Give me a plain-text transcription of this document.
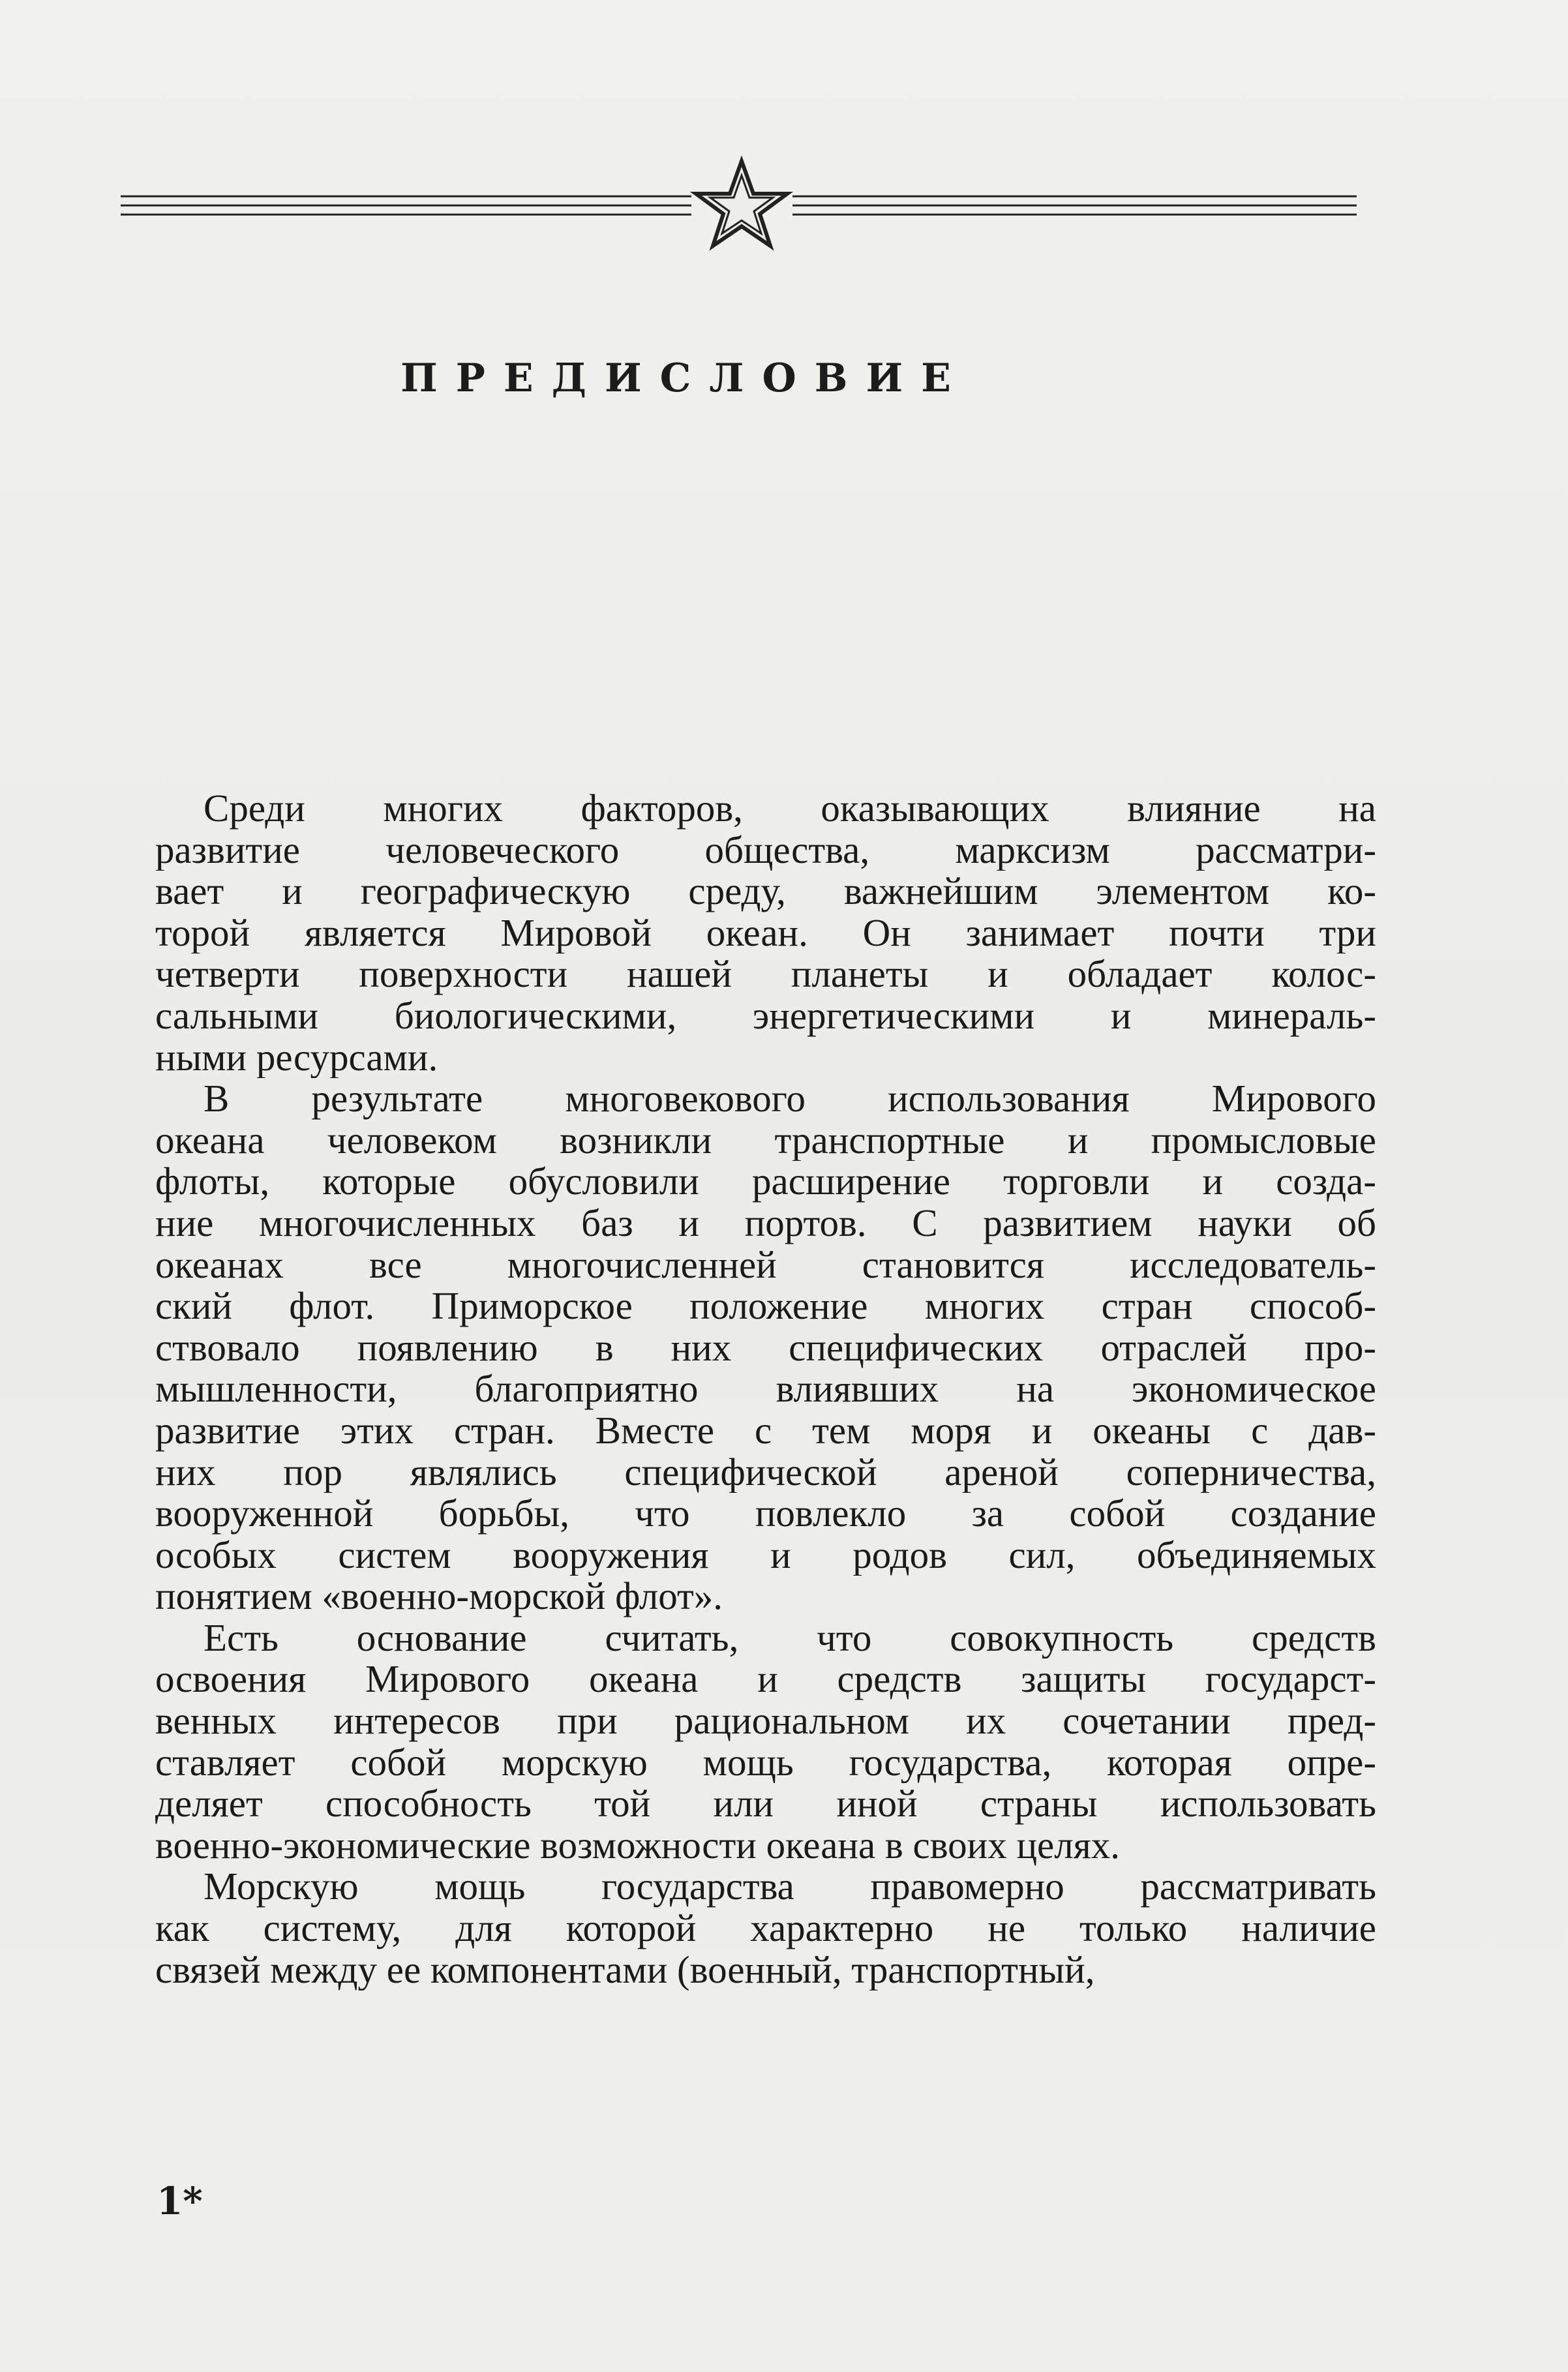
ПРЕДИСЛОВИЕ
Среди многих факторов, оказывающих влияние на
развитие человеческого общества, марксизм рассматри-
вает и географическую среду, важнейшим элементом ко-
торой является Мировой океан. Он занимает почти три
четверти поверхности нашей планеты и обладает колос-
сальными биологическими, энергетическими и минераль-
ными ресурсами.
В результате многовекового использования Мирового
океана человеком возникли транспортные и промысловые
флоты, которые обусловили расширение торговли и созда-
ние многочисленных баз и портов. С развитием науки об
океанах все многочисленней становится исследователь-
ский флот. Приморское положение многих стран способ-
ствовало появлению в них специфических отраслей про-
мышленности, благоприятно влиявших на экономическое
развитие этих стран. Вместе с тем моря и океаны с дав-
них пор являлись специфической ареной соперничества,
вооруженной борьбы, что повлекло за собой создание
особых систем вооружения и родов сил, объединяемых
понятием «военно-морской флот».
Есть основание считать, что совокупность средств
освоения Мирового океана и средств защиты государст-
венных интересов при рациональном их сочетании пред-
ставляет собой морскую мощь государства, которая опре-
деляет способность той или иной страны использовать
военно-экономические возможности океана в своих целях.
Морскую мощь государства правомерно рассматривать
как систему, для которой характерно не только наличие
связей между ее компонентами (военный, транспортный,
1*
